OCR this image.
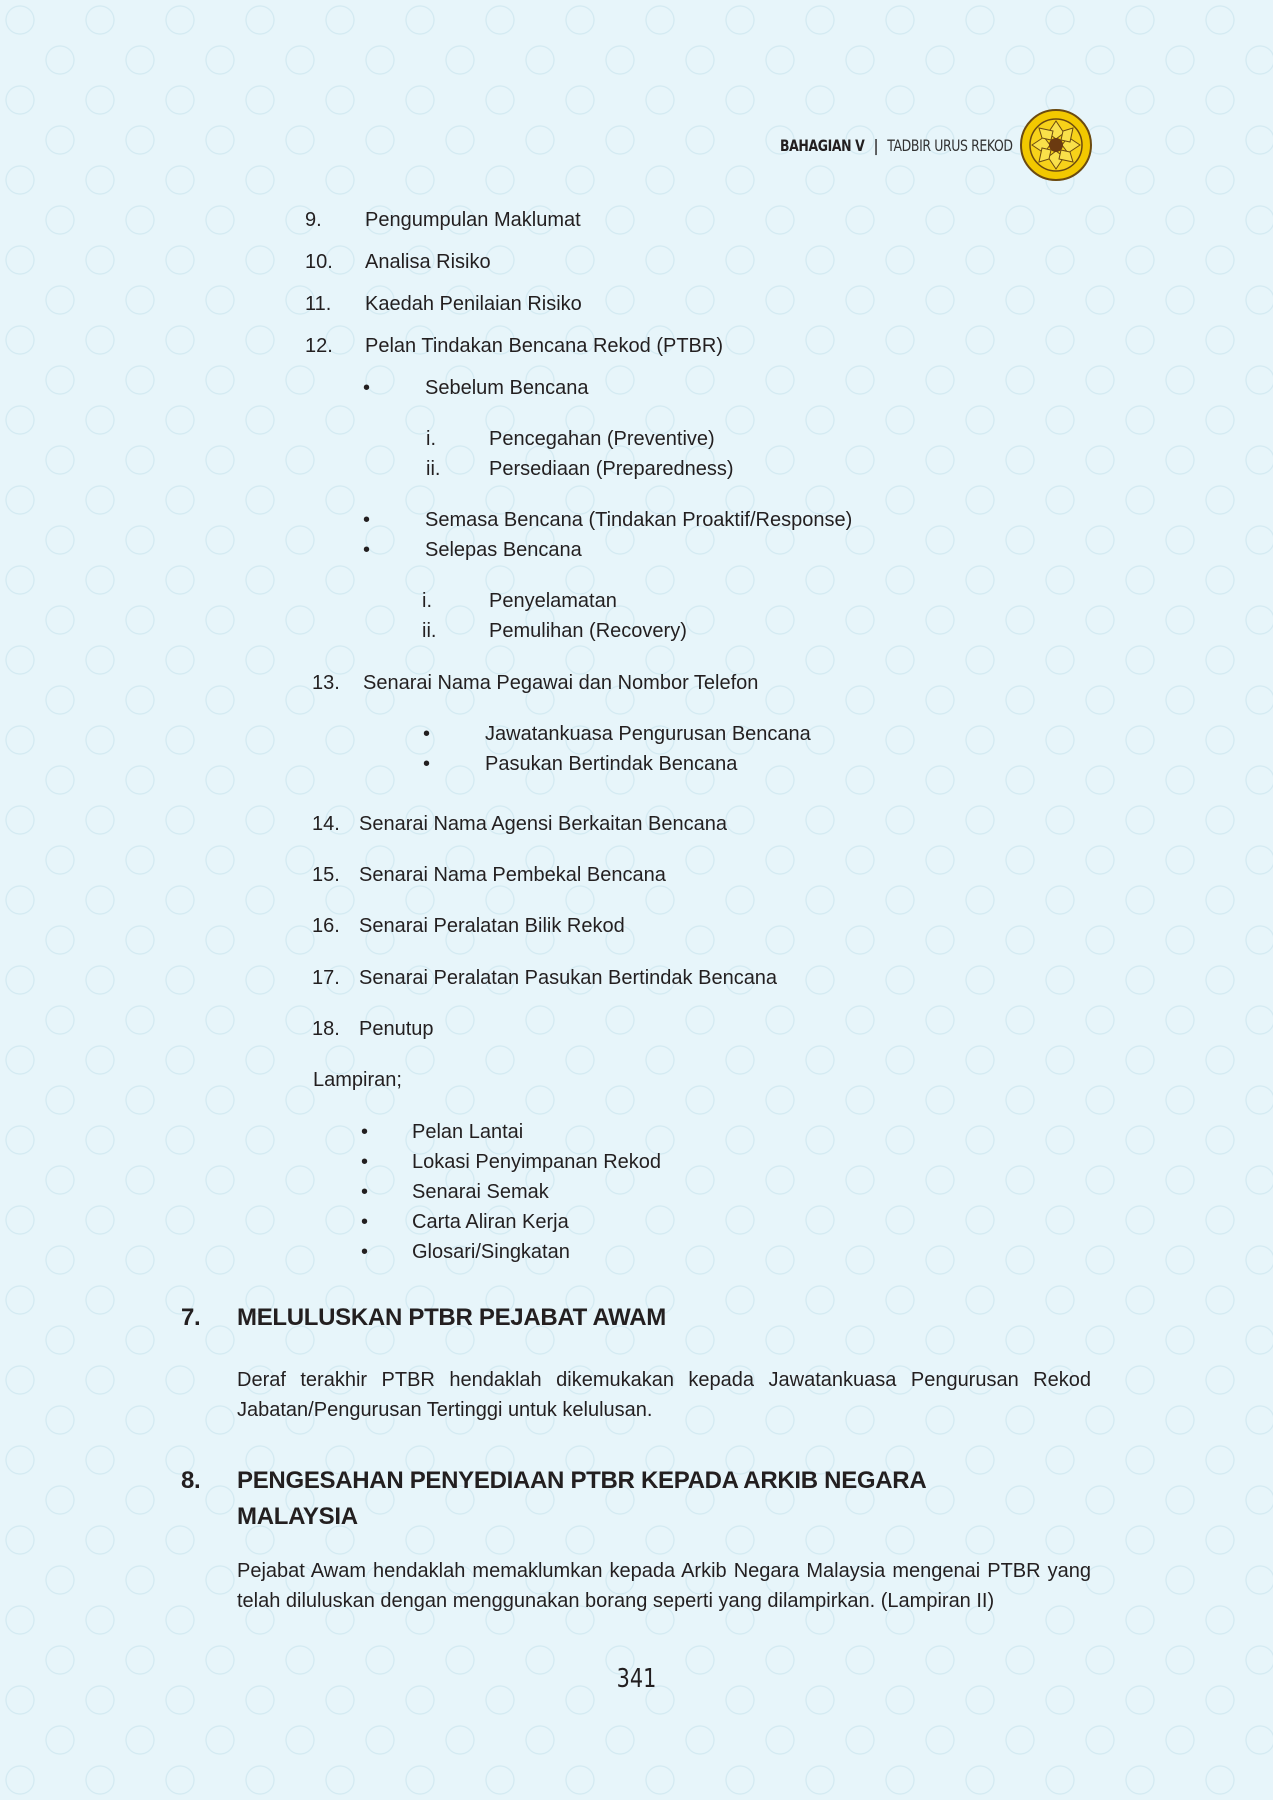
BAHAGIAN V | TADBIR URUS REKOD
9. Pengumpulan Maklumat
10. Analisa Risiko
11. Kaedah Penilaian Risiko
12. Pelan Tindakan Bencana Rekod (PTBR)
•	Sebelum Bencana
i.	Pencegahan (Preventive)
ii. Persediaan (Preparedness)
•	Semasa Bencana (Tindakan Proaktif/Response)
•	Selepas Bencana
i.	Penyelamatan
ii.	Pemulihan (Recovery)
13. Senarai Nama Pegawai dan Nombor Telefon
•	Jawatankuasa Pengurusan Bencana
•	Pasukan Bertindak Bencana
14. Senarai Nama Agensi Berkaitan Bencana
15. Senarai Nama Pembekal Bencana
16. Senarai Peralatan Bilik Rekod
17. Senarai Peralatan Pasukan Bertindak Bencana
18. Penutup
Lampiran;
• Pelan Lantai
• Lokasi Penyimpanan Rekod
• Senarai Semak
• Carta Aliran Kerja
• Glosari/Singkatan
7. MELULUSKAN PTBR PEJABAT AWAM
Deraf terakhir PTBR hendaklah dikemukakan kepada Jawatankuasa Pengurusan Rekod Jabatan/Pengurusan Tertinggi untuk kelulusan.
8. PENGESAHAN PENYEDIAAN PTBR KEPADA ARKIB NEGARA
MALAYSIA
Pejabat Awam hendaklah memaklumkan kepada Arkib Negara Malaysia mengenai PTBR yang telah diluluskan dengan menggunakan borang seperti yang dilampirkan. (Lampiran II)
341
